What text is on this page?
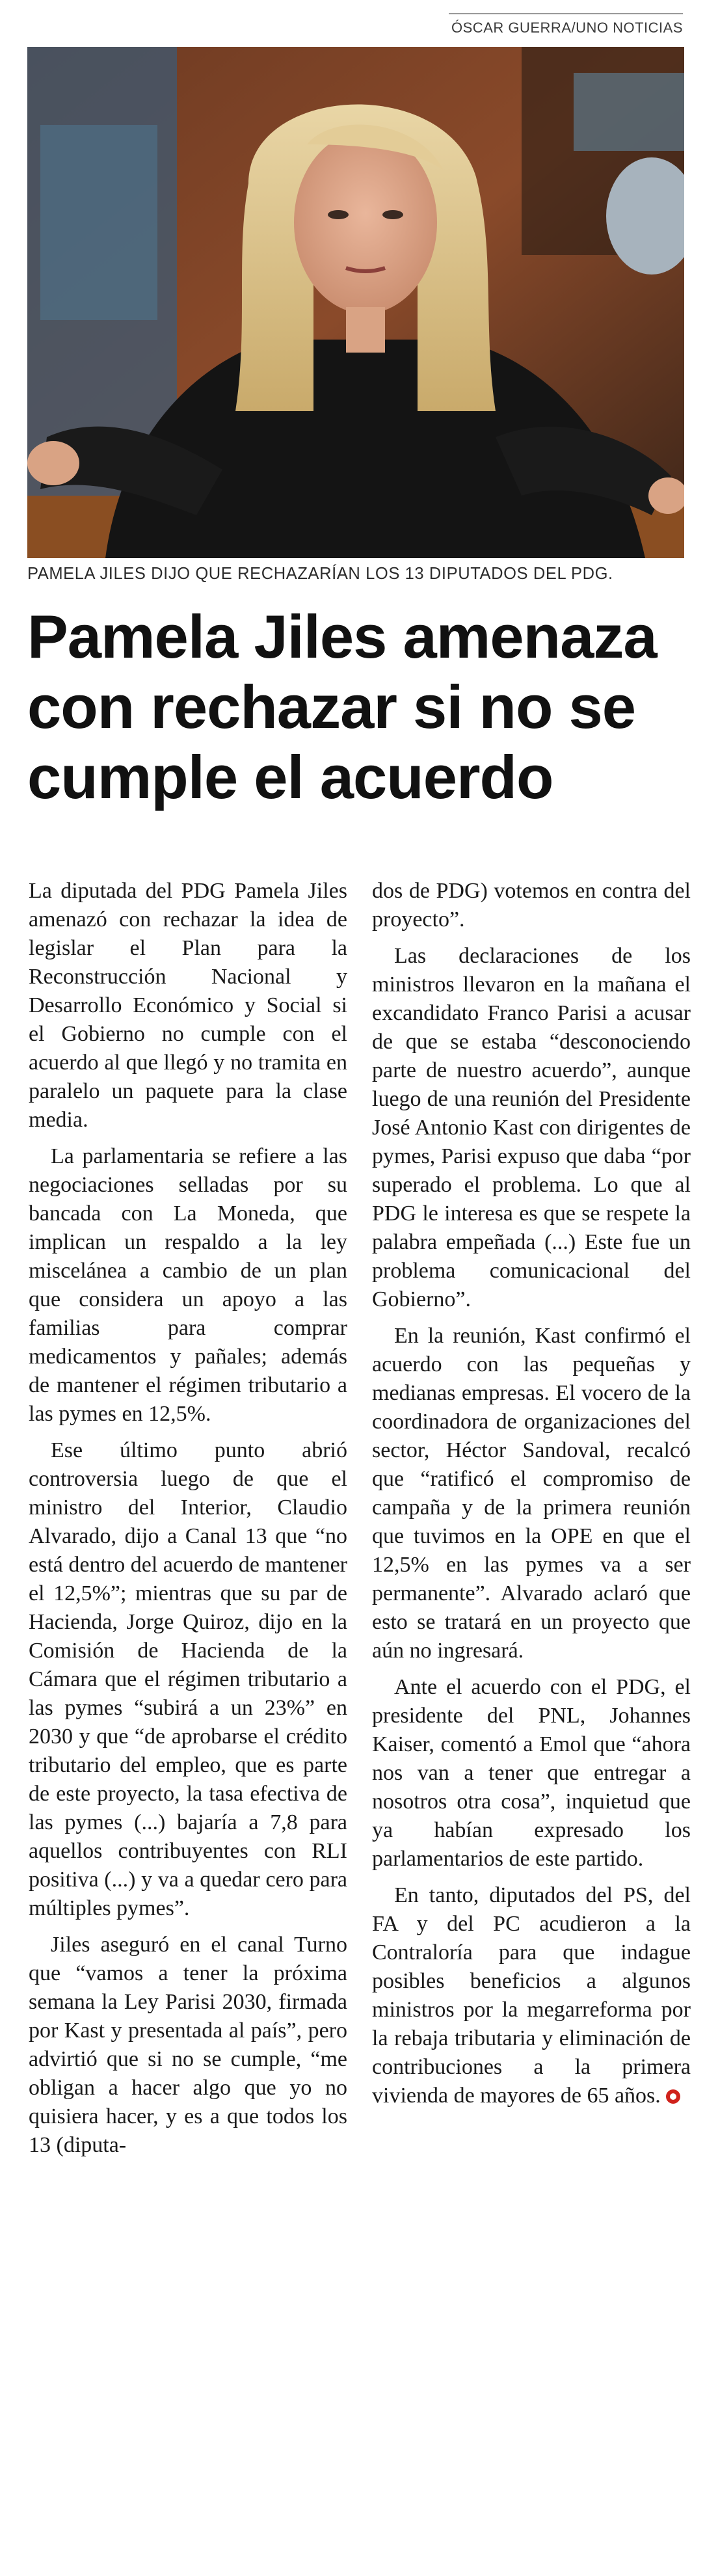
ÓSCAR GUERRA/UNO NOTICIAS
PAMELA JILES DIJO QUE RECHAZARÍAN LOS 13 DIPUTADOS DEL PDG.
Pamela Jiles amenaza
con rechazar si no se
cumple el acuerdo

La diputada del PDG Pamela Jiles amenazó con rechazar la idea de legislar el Plan para la Reconstrucción Nacional y Desarrollo Económico y Social si el Gobierno no cumple con el acuerdo al que llegó y no tramita en paralelo un paquete para la clase media.

La parlamentaria se refiere a las negociaciones selladas por su bancada con La Moneda, que implican un respaldo a la ley miscelánea a cambio de un plan que considera un apoyo a las familias para comprar medicamentos y pañales; además de mantener el régimen tributario a las pymes en 12,5%.

Ese último punto abrió controversia luego de que el ministro del Interior, Claudio Alvarado, dijo a Canal 13 que “no está dentro del acuerdo de mantener el 12,5%”; mientras que su par de Hacienda, Jorge Quiroz, dijo en la Comisión de Hacienda de la Cámara que el régimen tributario a las pymes “subirá a un 23%” en 2030 y que “de aprobarse el crédito tributario del empleo, que es parte de este proyecto, la tasa efectiva de las pymes (...) bajaría a 7,8 para aquellos contribuyentes con RLI positiva (...) y va a quedar cero para múltiples pymes”.

Jiles aseguró en el canal Turno que “vamos a tener la próxima semana la Ley Parisi 2030, firmada por Kast y presentada al país”, pero advirtió que si no se cumple, “me obligan a hacer algo que yo no quisiera hacer, y es a que todos los 13 (diputa-

dos de PDG) votemos en contra del proyecto”.

Las declaraciones de los ministros llevaron en la mañana el excandidato Franco Parisi a acusar de que se estaba “desconociendo parte de nuestro acuerdo”, aunque luego de una reunión del Presidente José Antonio Kast con dirigentes de pymes, Parisi expuso que daba “por superado el problema. Lo que al PDG le interesa es que se respete la palabra empeñada (...) Este fue un problema comunicacional del Gobierno”.

En la reunión, Kast confirmó el acuerdo con las pequeñas y medianas empresas. El vocero de la coordinadora de organizaciones del sector, Héctor Sandoval, recalcó que “ratificó el compromiso de campaña y de la primera reunión que tuvimos en la OPE en que el 12,5% en las pymes va a ser permanente”. Alvarado aclaró que esto se tratará en un proyecto que aún no ingresará.

Ante el acuerdo con el PDG, el presidente del PNL, Johannes Kaiser, comentó a Emol que “ahora nos van a tener que entregar a nosotros otra cosa”, inquietud que ya habían expresado los parlamentarios de este partido.

En tanto, diputados del PS, del FA y del PC acudieron a la Contraloría para que indague posibles beneficios a algunos ministros por la megarreforma por la rebaja tributaria y eliminación de contribuciones a la primera vivienda de mayores de 65 años.
